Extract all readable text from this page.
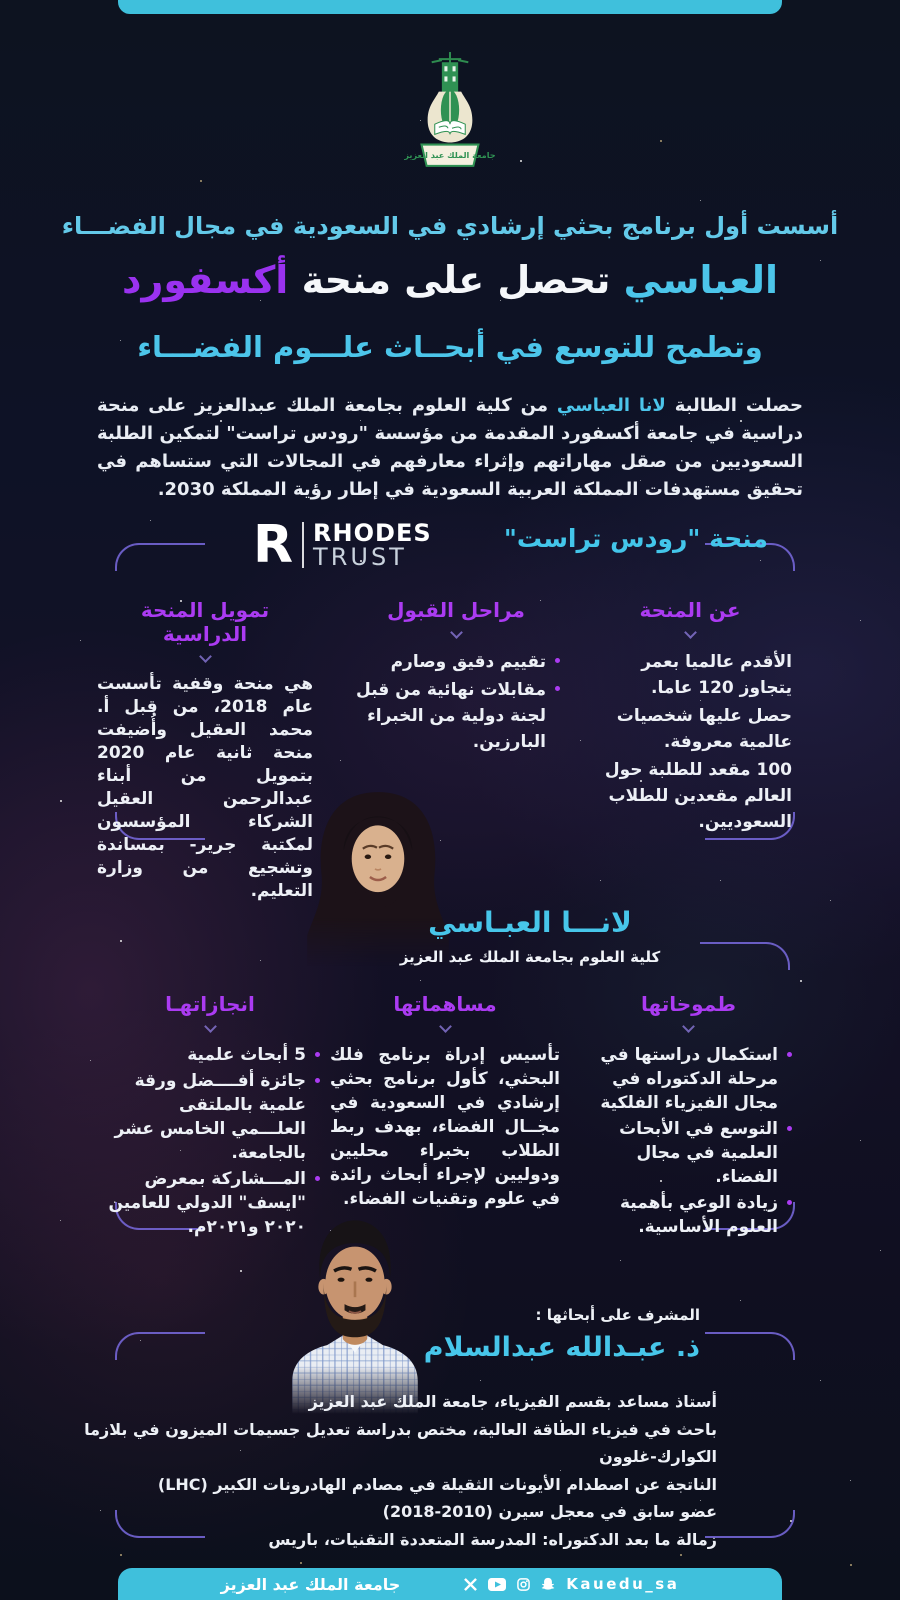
جامعة الملك عبد العزيز
أسست أول برنامج بحثي إرشادي في السعودية في مجال الفضـــاء
العباسي تحصل على منحة أكسفورد
وتطمح للتوسع في أبحــاث علـــوم الفضـــاء
حصلت الطالبة لانا العباسي من كلية العلوم بجامعة الملك عبدالعزيز على منحة دراسية في جامعة أكسفورد المقدمة من مؤسسة "رودس تراست" لتمكين الطلبة السعوديين من صقل مهاراتهم وإثراء معارفهم في المجالات التي ستساهم في تحقيق مستهدفات المملكة العربية السعودية في إطار رؤية المملكة 2030.
R RHODES
TRUST
منحة "رودس تراست"
عن المنحة
الأقدم عالميا بعمر يتجاوز 120 عاما.
حصل عليها شخصيات عالمية معروفة.
100 مقعد للطلبة حول العالم مقعدين للطلاب السعوديين.
مراحل القبول
تقييم دقيق وصارم
مقابلات نهائية من قبل لجنة دولية من الخبراء البارزين.
تمويل المنحة الدراسية
هي منحة وقفية تأسست عام 2018، من قبل أ. محمد العقيل وأُضيفت منحة ثانية عام 2020 بتمويل من أبناء عبدالرحمن العقيل الشركاء المؤسسون لمكتبة جرير- بمساندة وتشجيع من وزارة التعليم.
لانـــا العبـاسي
كلية العلوم بجامعة الملك عبد العزيز
طموحاتها
استكمال دراستها في مرحلة الدكتوراه في مجال الفيزياء الفلكية
التوسع في الأبحاث العلمية في مجال الفضاء.
زيادة الوعي بأهمية العلوم الأساسية.
مساهماتها
تأسيس إدراة برنامج فلك البحثي، كأول برنامج بحثي إرشادي في السعودية في مجــال الفضاء، بهدف ربط الطلاب بخبراء محليين ودوليين لإجراء أبحاث رائدة في علوم وتقنيات الفضاء.
انجازاتهـا
5 أبحاث علمية
جائزة أفــــضل ورقة علمية بالملتقى العلـــمي الخامس عشر بالجامعة.
المـــشاركة بمعرض "ايسف" الدولي للعامين ٢٠٢٠ و٢٠٢١م.
المشرف على أبحاثها :
ذ. عبـدالله عبدالسلام
أستاذ مساعد بقسم الفيزياء، جامعة الملك عبد العزيز
باحث في فيزياء الطاقة العالية، مختص بدراسة تعديل جسيمات الميزون في بلازما الكوارك-غلوون
الناتجة عن اصطدام الأيونات الثقيلة في مصادم الهادرونات الكبير (LHC)
عضو سابق في معجل سيرن (2010-2018)
زمالة ما بعد الدكتوراه: المدرسة المتعددة التقنيات، باريس
جامعة الملك عبد العزيز	Kauedu_sa
